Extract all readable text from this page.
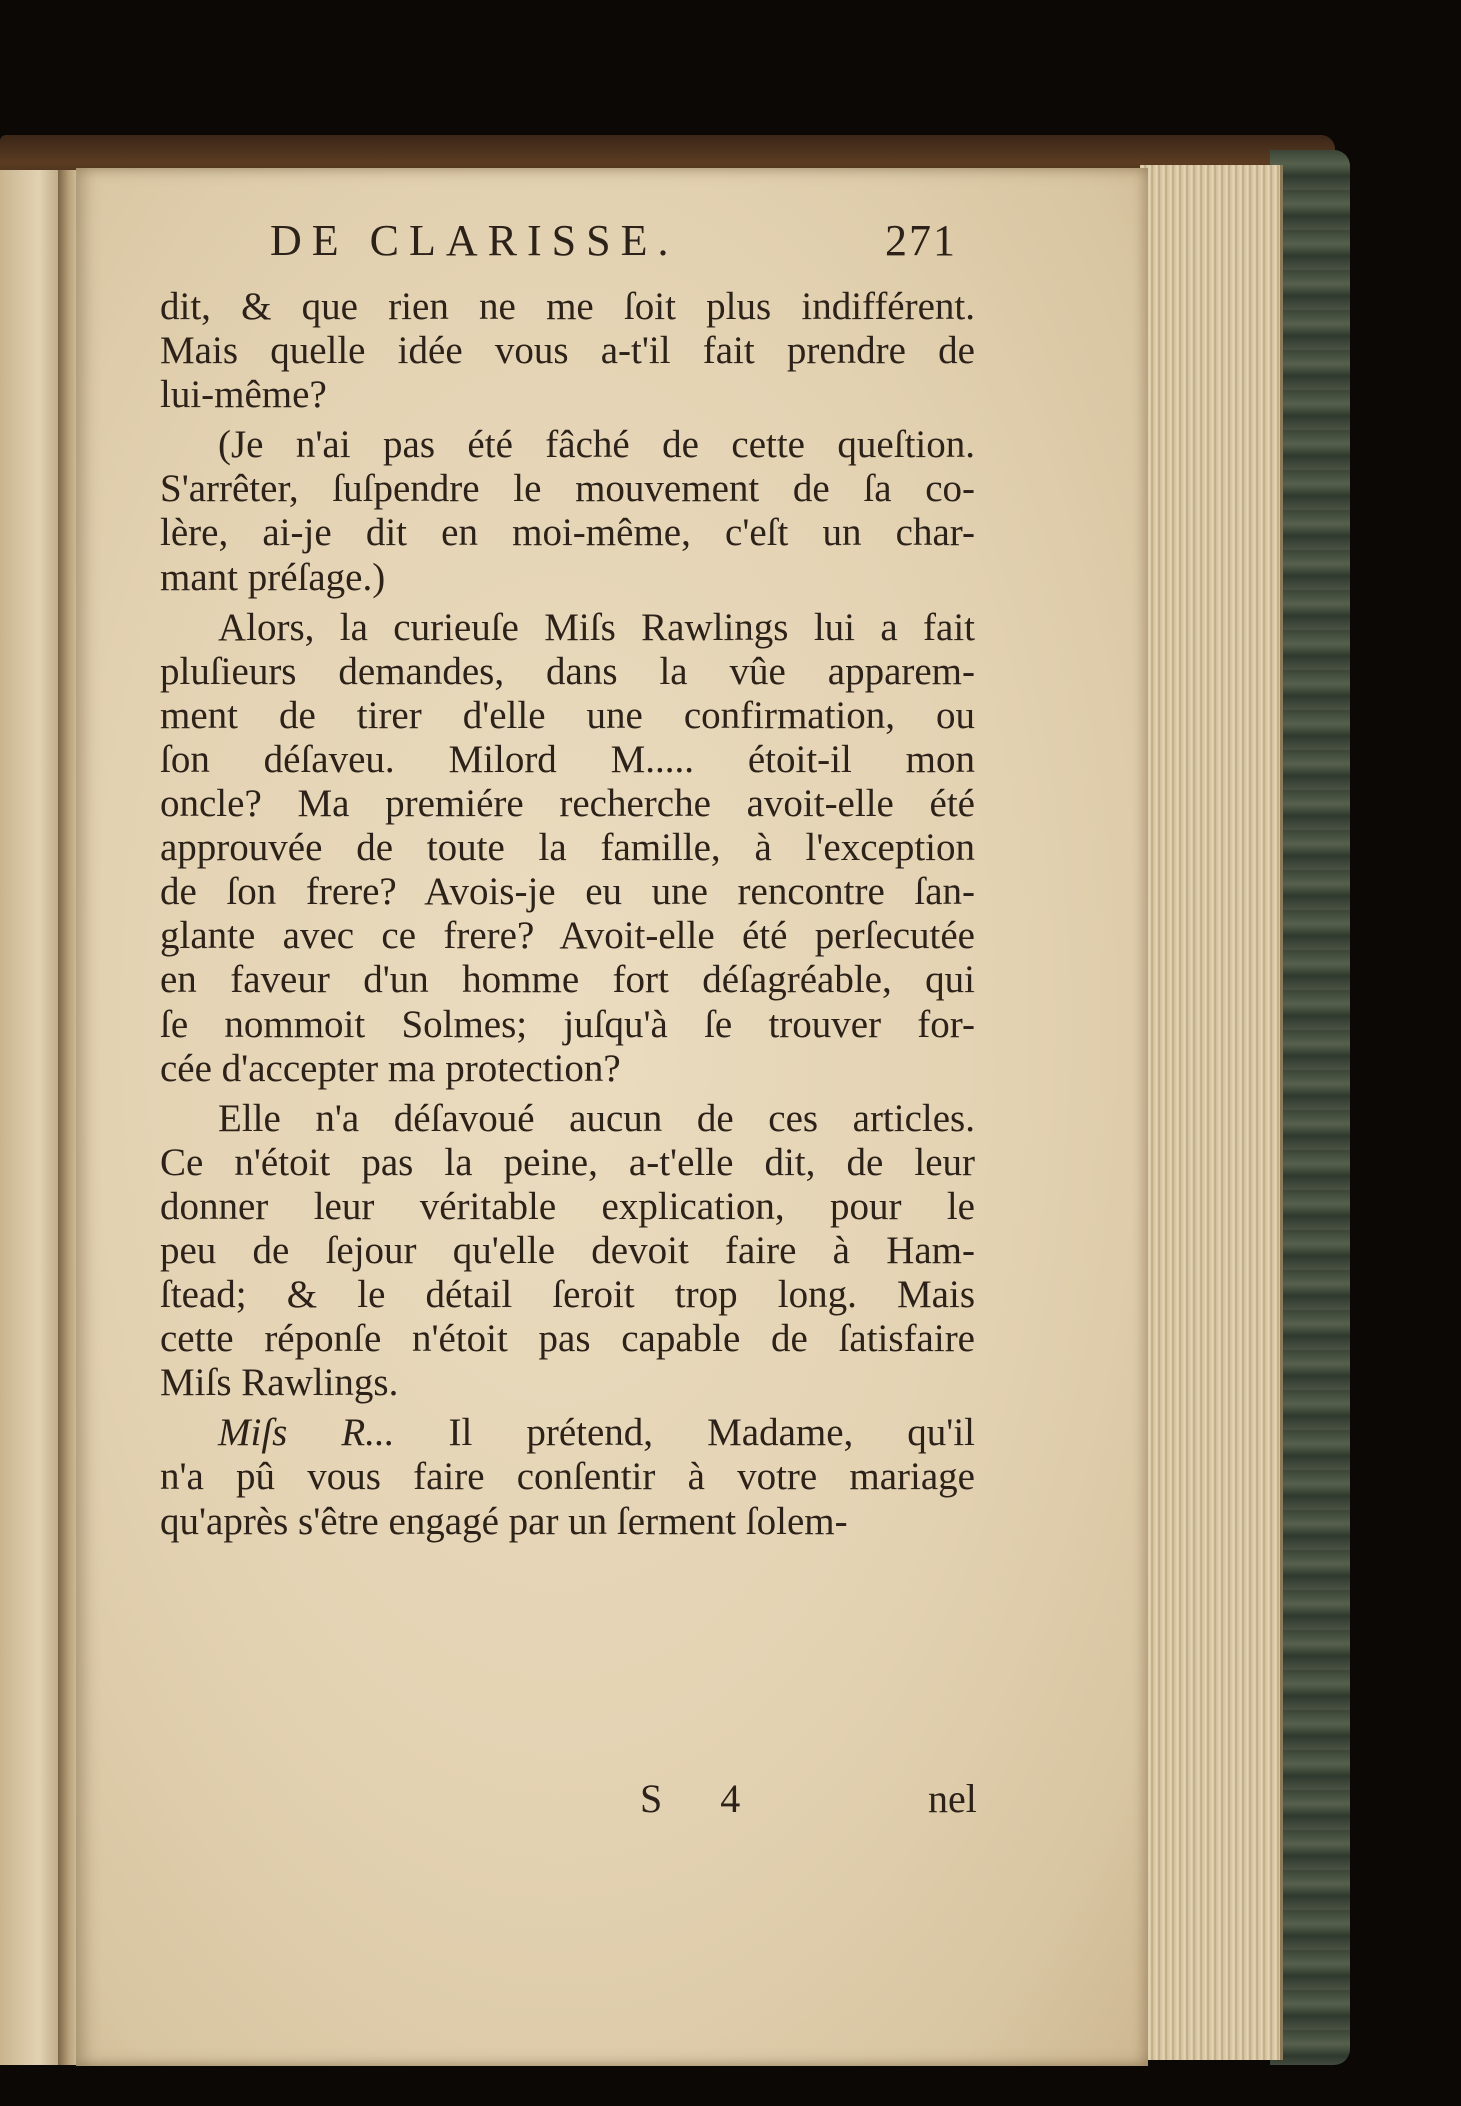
DE CLARISSE.	271
dit, & que rien ne me ſoit plus indifférent.
Mais quelle idée vous a-t'il fait prendre de
lui-même?
(Je n'ai pas été fâché de cette queſtion.
S'arrêter, ſuſpendre le mouvement de ſa co-
lère, ai-je dit en moi-même, c'eſt un char-
mant préſage.)
Alors, la curieuſe Miſs Rawlings lui a fait
pluſieurs demandes, dans la vûe apparem-
ment de tirer d'elle une confirmation, ou
ſon déſaveu. Milord M..... étoit-il mon
oncle? Ma premiére recherche avoit-elle été
approuvée de toute la famille, à l'exception
de ſon frere? Avois-je eu une rencontre ſan-
glante avec ce frere? Avoit-elle été perſecutée
en faveur d'un homme fort déſagréable, qui
ſe nommoit Solmes; juſqu'à ſe trouver for-
cée d'accepter ma protection?
Elle n'a déſavoué aucun de ces articles.
Ce n'étoit pas la peine, a-t'elle dit, de leur
donner leur véritable explication, pour le
peu de ſejour qu'elle devoit faire à Ham-
ſtead; & le détail ſeroit trop long. Mais
cette réponſe n'étoit pas capable de ſatisfaire
Miſs Rawlings.
Miſs R... Il prétend, Madame, qu'il
n'a pû vous faire conſentir à votre mariage
qu'après s'être engagé par un ſerment ſolem-
S 4	nel
